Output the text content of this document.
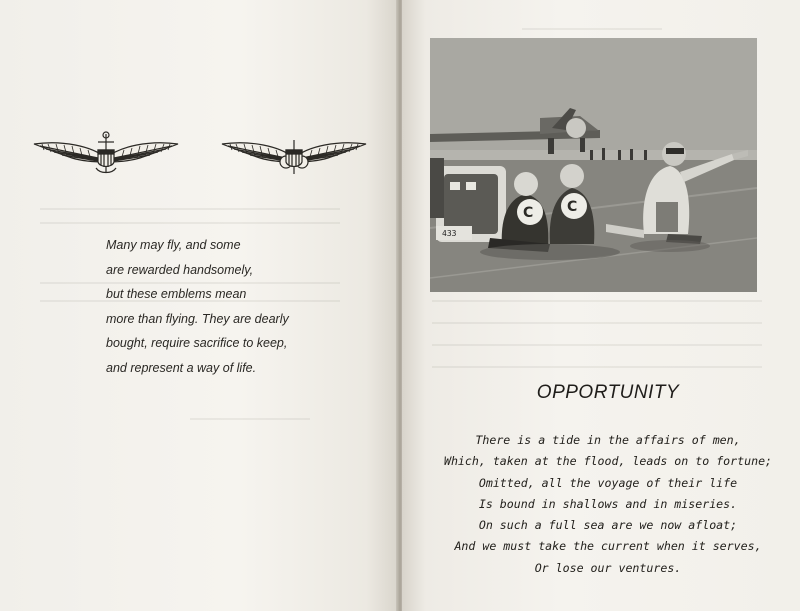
Many may fly, and some
are rewarded handsomely,
but these emblems mean
more than flying. They are dearly
bought, require sacrifice to keep,
and represent a way of life.
433
C C
OPPORTUNITY
There is a tide in the affairs of men,
Which, taken at the flood, leads on to fortune;
Omitted, all the voyage of their life
Is bound in shallows and in miseries.
On such a full sea are we now afloat;
And we must take the current when it serves,
Or lose our ventures.
